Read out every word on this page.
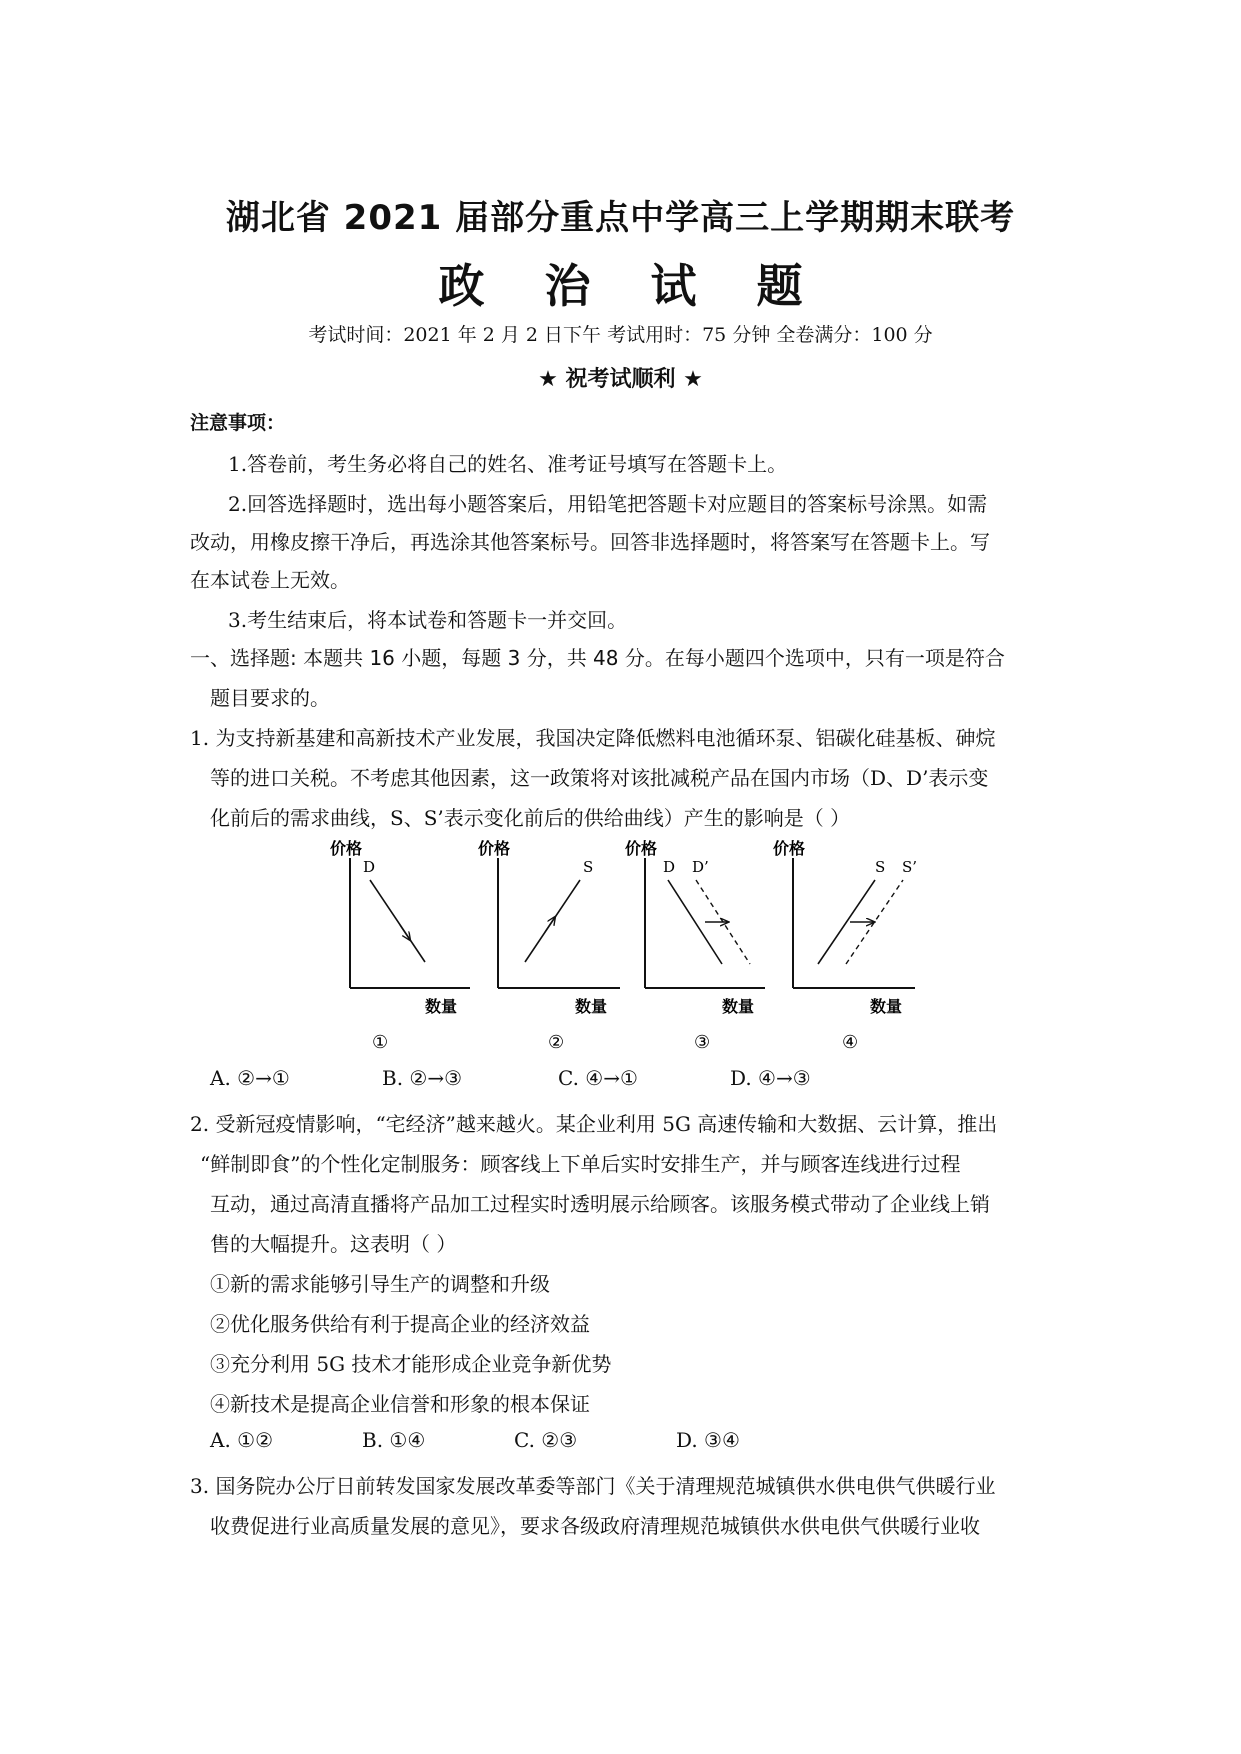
湖北省 2021 届部分重点中学高三上学期期末联考
政 治 试 题
考试时间：2021 年 2 月 2 日下午 考试用时：75 分钟 全卷满分：100 分
★ 祝考试顺利 ★
注意事项：
1.答卷前，考生务必将自己的姓名、准考证号填写在答题卡上。
2.回答选择题时，选出每小题答案后，用铅笔把答题卡对应题目的答案标号涂黑。如需
改动，用橡皮擦干净后，再选涂其他答案标号。回答非选择题时，将答案写在答题卡上。写
在本试卷上无效。
3.考生结束后，将本试卷和答题卡一并交回。
一、选择题: 本题共 16 小题，每题 3 分，共 48 分。在每小题四个选项中，只有一项是符合
题目要求的。
1. 为支持新基建和高新技术产业发展，我国决定降低燃料电池循环泵、铝碳化硅基板、砷烷
等的进口关税。不考虑其他因素，这一政策将对该批减税产品在国内市场（D、D’表示变
化前后的需求曲线，S、S’表示变化前后的供给曲线）产生的影响是（ ）
价格
数量
D
①
价格
数量
S
②
价格
数量
D D’
③
价格
数量
S S’
④
A. ②→①	B. ②→③	C. ④→①	D. ④→③
2. 受新冠疫情影响，“宅经济”越来越火。某企业利用 5G 高速传输和大数据、云计算，推出
“鲜制即食”的个性化定制服务：顾客线上下单后实时安排生产，并与顾客连线进行过程
互动，通过高清直播将产品加工过程实时透明展示给顾客。该服务模式带动了企业线上销
售的大幅提升。这表明（ ）
①新的需求能够引导生产的调整和升级
②优化服务供给有利于提高企业的经济效益
③充分利用 5G 技术才能形成企业竞争新优势
④新技术是提高企业信誉和形象的根本保证
A. ①②	B. ①④	C. ②③	D. ③④
3. 国务院办公厅日前转发国家发展改革委等部门《关于清理规范城镇供水供电供气供暖行业
收费促进行业高质量发展的意见》，要求各级政府清理规范城镇供水供电供气供暖行业收
